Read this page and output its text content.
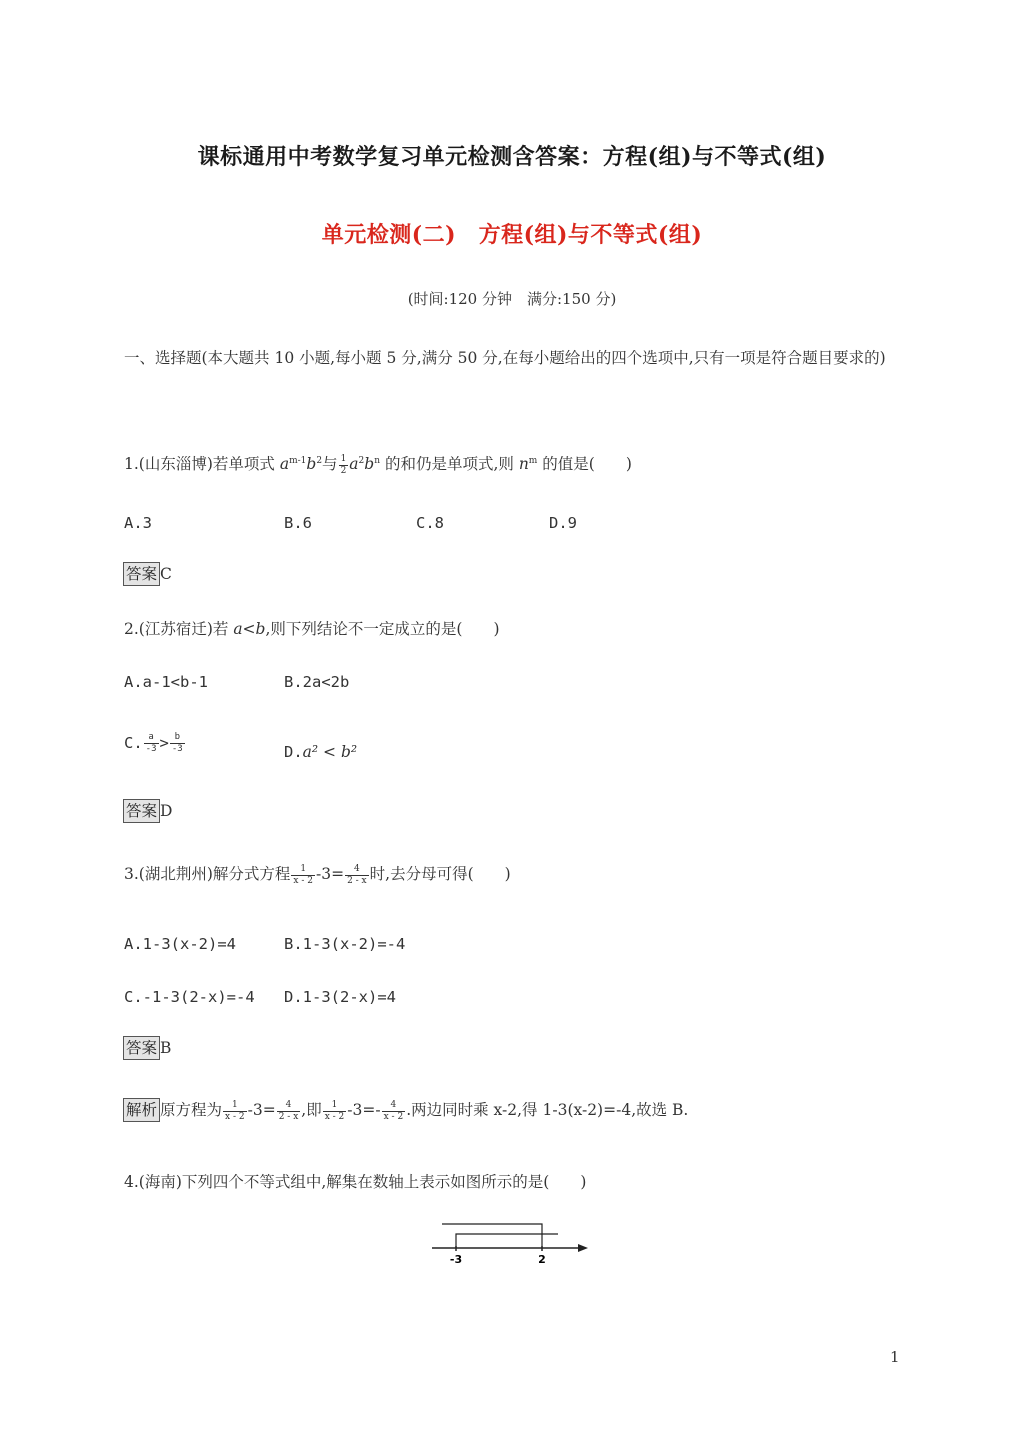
课标通用中考数学复习单元检测含答案：方程(组)与不等式(组)
单元检测(二)　方程(组)与不等式(组)
(时间:120 分钟　满分:150 分)
一、选择题(本大题共 10 小题,每小题 5 分,满分 50 分,在每小题给出的四个选项中,只有一项是符合题目要求的)
1.(山东淄博)若单项式 $a^{m-1}b^2$与 $\frac{1}{2} a^2b^n$ 的和仍是单项式,则 $n^m$ 的值是(　　)
A.3	B.6	C.8	D.9
答案 C
2.(江苏宿迁)若 a<b,则下列结论不一定成立的是(　　)
A.a-1<b-1	B.2a<2b
C. $\frac{a}{-3} > \frac{b}{-3}$	D.a² < b²
答案 D
3.(湖北荆州)解分式方程 $\frac{1}{x - 2} -3= \frac{4}{2 - x}$ 时,去分母可得(　　)
A.1-3(x-2)=4	B.1-3(x-2)=-4
C.-1-3(2-x)=-4 D.1-3(2-x)=4
答案 B
解析 原方程为 $\frac{1}{x - 2} -3= \frac{4}{2 - x}$ ,即 $\frac{1}{x - 2} -3=- \frac{4}{x - 2}$ .两边同时乘 x-2,得 1-3(x-2)=-4,故选 B.
4.(海南)下列四个不等式组中,解集在数轴上表示如图所示的是(　　)
-3	2
1
